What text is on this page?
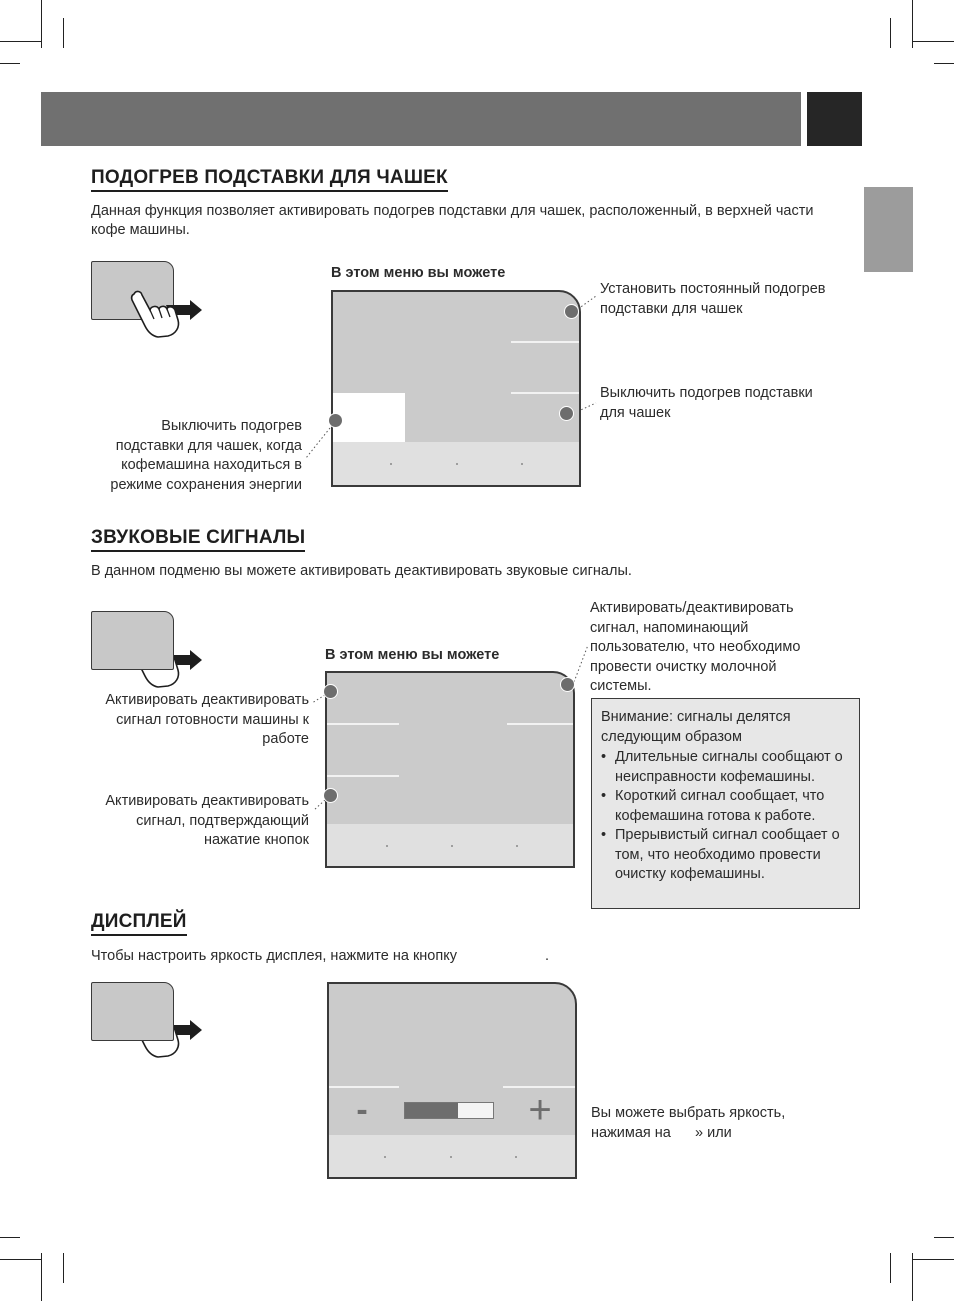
ПОДОГРЕВ ПОДСТАВКИ ДЛЯ ЧАШЕК
Данная функция позволяет активировать подогрев подставки для чашек, расположенный, в верхней части кофе машины.
В этом меню вы можете
Установить постоянный подогрев подставки для чашек
Выключить подогрев подставки для чашек
Выключить подогрев подставки для чашек, когда кофемашина находиться в режиме сохранения энергии
ЗВУКОВЫЕ СИГНАЛЫ
В данном подменю вы можете активировать деактивировать звуковые сигналы.
Активировать/деактивировать сигнал, напоминающий пользователю, что необходимо провести очистку молочной системы.
В этом меню вы можете
Активировать деактивировать сигнал готовности машины к работе
Активировать деактивировать сигнал, подтверждающий нажатие кнопок
Внимание: сигналы делятся следующим образом
• Длительные сигналы сообщают о неисправности кофемашины.
• Короткий сигнал сообщает, что кофемашина готова к работе.
• Прерывистый сигнал сообщает о том, что необходимо провести очистку кофемашины.
ДИСПЛЕЙ
Чтобы настроить яркость дисплея, нажмите на кнопку	.
-	+	Вы можете выбрать яркость,
нажимая на      » или
